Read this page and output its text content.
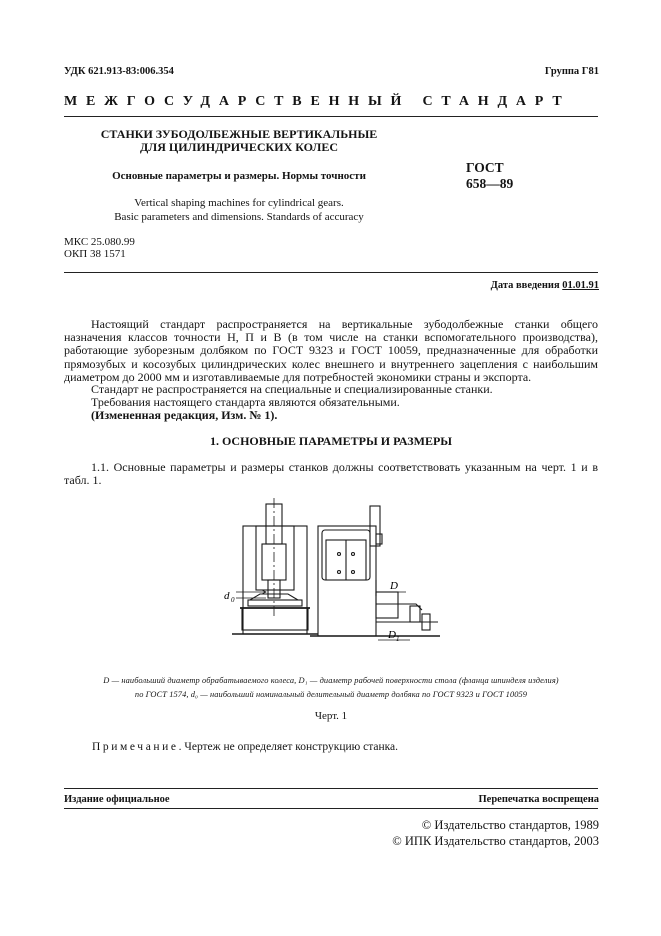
УДК 621.913-83:006.354	Группа Г81
МЕЖГОСУДАРСТВЕННЫЙ СТАНДАРТ
СТАНКИ ЗУБОДОЛБЕЖНЫЕ ВЕРТИКАЛЬНЫЕ
ДЛЯ ЦИЛИНДРИЧЕСКИХ КОЛЕС
Основные параметры и размеры. Нормы точности
ГОСТ
658—89
Vertical shaping machines for cylindrical gears.
Basic parameters and dimensions. Standards of accuracy
МКС 25.080.99
ОКП 38 1571
Дата введения 01.01.91
Настоящий стандарт распространяется на вертикальные зубодолбежные станки общего назначения классов точности Н, П и В (в том числе на станки вспомогательного производства), работающие зуборезным долбяком по ГОСТ 9323 и ГОСТ 10059, предназначенные для обработки прямозубых и косозубых цилиндрических колес внешнего и внутреннего зацепления с наибольшим диаметром до 2000 мм и изготавливаемые для потребностей экономики страны и экспорта.
Стандарт не распространяется на специальные и специализированные станки.
Требования настоящего стандарта являются обязательными.
(Измененная редакция, Изм. № 1).
1. ОСНОВНЫЕ ПАРАМЕТРЫ И РАЗМЕРЫ
1.1. Основные параметры и размеры станков должны соответствовать указанным на черт. 1 и в табл. 1.
d 0
D
D 1
D — наибольший диаметр обрабатываемого колеса, D₁ — диаметр рабочей поверхности стола (фланца шпинделя изделия)
по ГОСТ 1574, d₀ — наибольший номинальный делительный диаметр долбяка по ГОСТ 9323 и ГОСТ 10059
Черт. 1
Примечание. Чертеж не определяет конструкцию станка.
Издание официальное	Перепечатка воспрещена
© Издательство стандартов, 1989
© ИПК Издательство стандартов, 2003
